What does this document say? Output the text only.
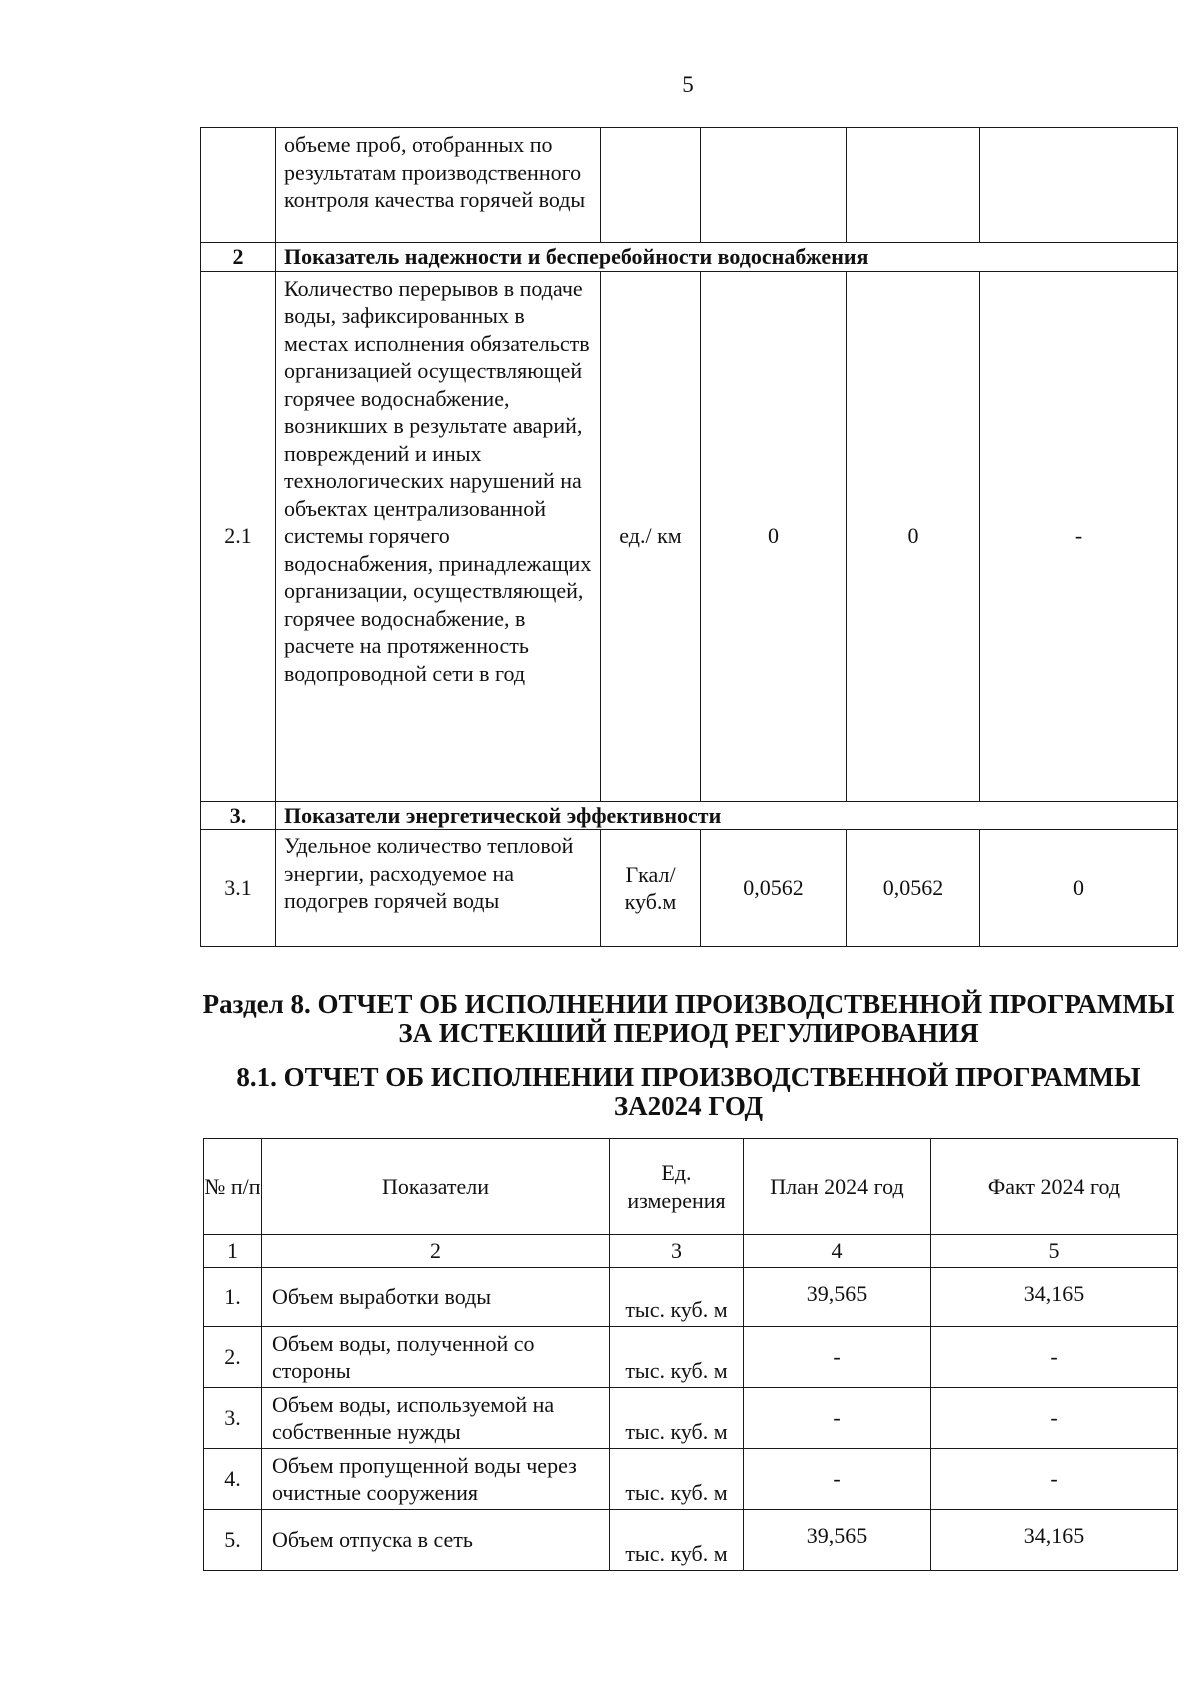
5
	объеме проб, отобранных по результатам производственного контроля качества горячей воды				
2	Показатель надежности и бесперебойности водоснабжения				
2.1	Количество перерывов в подаче воды, зафиксированных в местах исполнения обязательств организацией осуществляющей горячее водоснабжение, возникших в результате аварий, повреждений и иных технологических нарушений на объектах централизованной системы горячего водоснабжения, принадлежащих организации, осуществляющей, горячее водоснабжение, в расчете на протяженность водопроводной сети в год	ед./ км	0	0	-
3.	Показатели энергетической эффективности				
3.1	Удельное количество тепловой энергии, расходуемое на подогрев горячей воды	Гкал/ куб.м	0,0562	0,0562	0
Раздел 8. ОТЧЕТ ОБ ИСПОЛНЕНИИ ПРОИЗВОДСТВЕННОЙ ПРОГРАММЫ ЗА ИСТЕКШИЙ ПЕРИОД РЕГУЛИРОВАНИЯ
8.1. ОТЧЕТ ОБ ИСПОЛНЕНИИ ПРОИЗВОДСТВЕННОЙ ПРОГРАММЫ ЗА2024 ГОД
№ п/п	Показатели	Ед. измерения	План 2024 год	Факт 2024 год
1	2	3	4	5
1.	Объем выработки воды	тыс. куб. м	39,565	34,165
2.	Объем воды, полученной со стороны	тыс. куб. м	-	-
3.	Объем воды, используемой на собственные нужды	тыс. куб. м	-	-
4.	Объем пропущенной воды через очистные сооружения	тыс. куб. м	-	-
5.	Объем отпуска в сеть	тыс. куб. м	39,565	34,165
